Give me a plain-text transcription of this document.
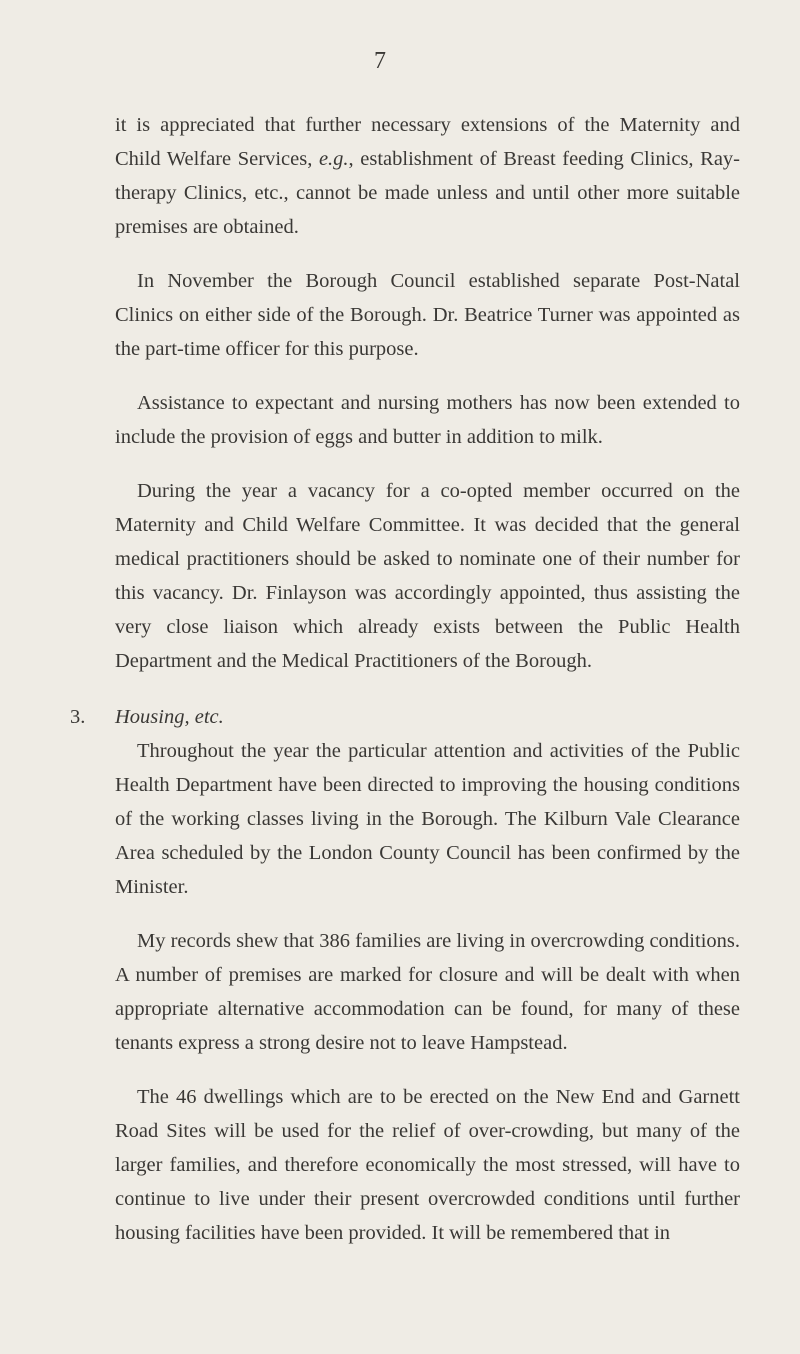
7

it is appreciated that further necessary extensions of the Maternity and Child Welfare Services, e.g., establishment of Breast feeding Clinics, Ray-therapy Clinics, etc., cannot be made unless and until other more suitable premises are obtained.

In November the Borough Council established separate Post-Natal Clinics on either side of the Borough. Dr. Beatrice Turner was appointed as the part-time officer for this purpose.

Assistance to expectant and nursing mothers has now been extended to include the provision of eggs and butter in addition to milk.

During the year a vacancy for a co-opted member occurred on the Maternity and Child Welfare Committee. It was decided that the general medical practitioners should be asked to nominate one of their number for this vacancy. Dr. Finlayson was accordingly appointed, thus assisting the very close liaison which already exists between the Public Health Department and the Medical Practitioners of the Borough.

3. Housing, etc.

Throughout the year the particular attention and activities of the Public Health Department have been directed to improving the housing conditions of the working classes living in the Borough. The Kilburn Vale Clearance Area scheduled by the London County Council has been confirmed by the Minister.

My records shew that 386 families are living in overcrowding conditions. A number of premises are marked for closure and will be dealt with when appropriate alternative accommodation can be found, for many of these tenants express a strong desire not to leave Hampstead.

The 46 dwellings which are to be erected on the New End and Garnett Road Sites will be used for the relief of over-crowding, but many of the larger families, and therefore economically the most stressed, will have to continue to live under their present overcrowded conditions until further housing facilities have been provided. It will be remembered that in
